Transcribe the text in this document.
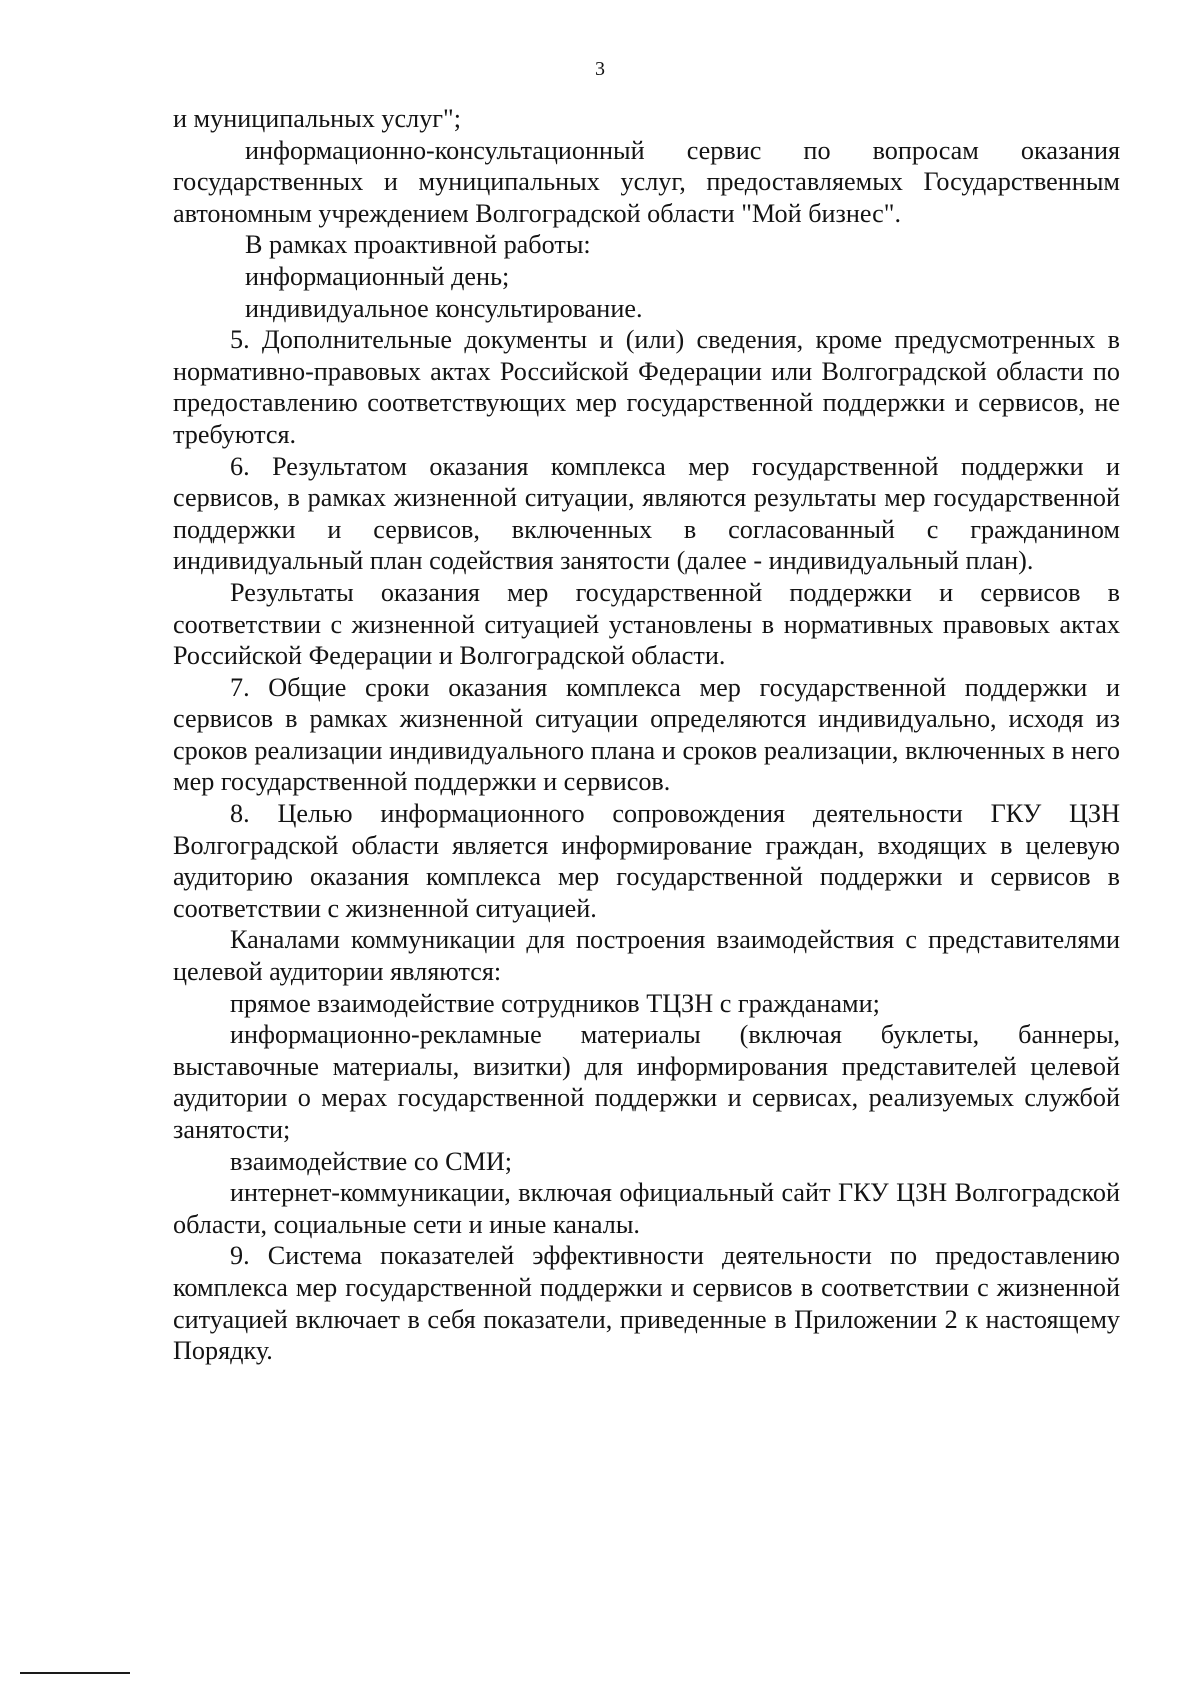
3

и муниципальных услуг";

информационно-консультационный сервис по вопросам оказания государственных и муниципальных услуг, предоставляемых Государственным автономным учреждением Волгоградской области "Мой бизнес".

В рамках проактивной работы:

информационный день;

индивидуальное консультирование.

5. Дополнительные документы и (или) сведения, кроме предусмотренных в нормативно-правовых актах Российской Федерации или Волгоградской области по предоставлению соответствующих мер государственной поддержки и сервисов, не требуются.

6. Результатом оказания комплекса мер государственной поддержки и сервисов, в рамках жизненной ситуации, являются результаты мер государственной поддержки и сервисов, включенных в согласованный с гражданином индивидуальный план содействия занятости (далее - индивидуальный план).

Результаты оказания мер государственной поддержки и сервисов в соответствии с жизненной ситуацией установлены в нормативных правовых актах Российской Федерации и Волгоградской области.

7. Общие сроки оказания комплекса мер государственной поддержки и сервисов в рамках жизненной ситуации определяются индивидуально, исходя из сроков реализации индивидуального плана и сроков реализации, включенных в него мер государственной поддержки и сервисов.

8. Целью информационного сопровождения деятельности ГКУ ЦЗН Волгоградской области является информирование граждан, входящих в целевую аудиторию оказания комплекса мер государственной поддержки и сервисов в соответствии с жизненной ситуацией.

Каналами коммуникации для построения взаимодействия с представителями целевой аудитории являются:

прямое взаимодействие сотрудников ТЦЗН с гражданами;

информационно-рекламные материалы (включая буклеты, баннеры, выставочные материалы, визитки) для информирования представителей целевой аудитории о мерах государственной поддержки и сервисах, реализуемых службой занятости;

взаимодействие со СМИ;

интернет-коммуникации, включая официальный сайт ГКУ ЦЗН Волгоградской области, социальные сети и иные каналы.

9. Система показателей эффективности деятельности по предоставлению комплекса мер государственной поддержки и сервисов в соответствии с жизненной ситуацией включает в себя показатели, приведенные в Приложении 2 к настоящему Порядку.
